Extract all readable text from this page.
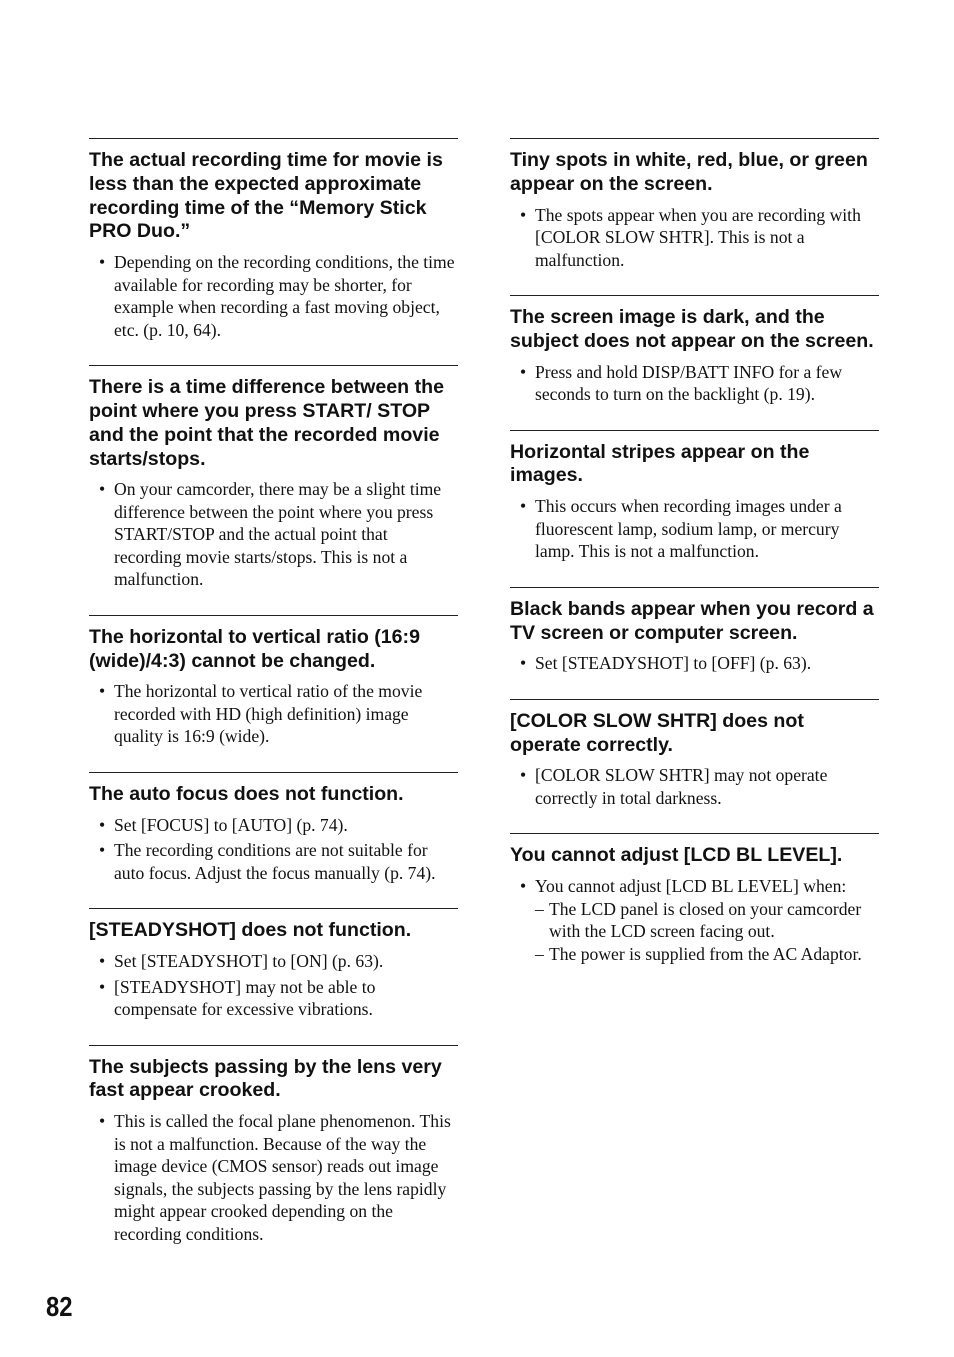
The actual recording time for movie is less than the expected approximate recording time of the “Memory Stick PRO Duo.”
• Depending on the recording conditions, the time available for recording may be shorter, for example when recording a fast moving object, etc. (p. 10, 64).
There is a time difference between the point where you press START/ STOP and the point that the recorded movie starts/stops.
• On your camcorder, there may be a slight time difference between the point where you press START/STOP and the actual point that recording movie starts/stops. This is not a malfunction.
The horizontal to vertical ratio (16:9 (wide)/4:3) cannot be changed.
• The horizontal to vertical ratio of the movie recorded with HD (high definition) image quality is 16:9 (wide).
The auto focus does not function.
• Set [FOCUS] to [AUTO] (p. 74).
• The recording conditions are not suitable for auto focus. Adjust the focus manually (p. 74).
[STEADYSHOT] does not function.
• Set [STEADYSHOT] to [ON] (p. 63).
• [STEADYSHOT] may not be able to compensate for excessive vibrations.
The subjects passing by the lens very fast appear crooked.
• This is called the focal plane phenomenon. This is not a malfunction. Because of the way the image device (CMOS sensor) reads out image signals, the subjects passing by the lens rapidly might appear crooked depending on the recording conditions.
Tiny spots in white, red, blue, or green appear on the screen.
• The spots appear when you are recording with [COLOR SLOW SHTR]. This is not a malfunction.
The screen image is dark, and the subject does not appear on the screen.
• Press and hold DISP/BATT INFO for a few seconds to turn on the backlight (p. 19).
Horizontal stripes appear on the images.
• This occurs when recording images under a fluorescent lamp, sodium lamp, or mercury lamp. This is not a malfunction.
Black bands appear when you record a TV screen or computer screen.
• Set [STEADYSHOT] to [OFF] (p. 63).
[COLOR SLOW SHTR] does not operate correctly.
• [COLOR SLOW SHTR] may not operate correctly in total darkness.
You cannot adjust [LCD BL LEVEL].
• You cannot adjust [LCD BL LEVEL] when:
– The LCD panel is closed on your camcorder with the LCD screen facing out.
– The power is supplied from the AC Adaptor.
82
